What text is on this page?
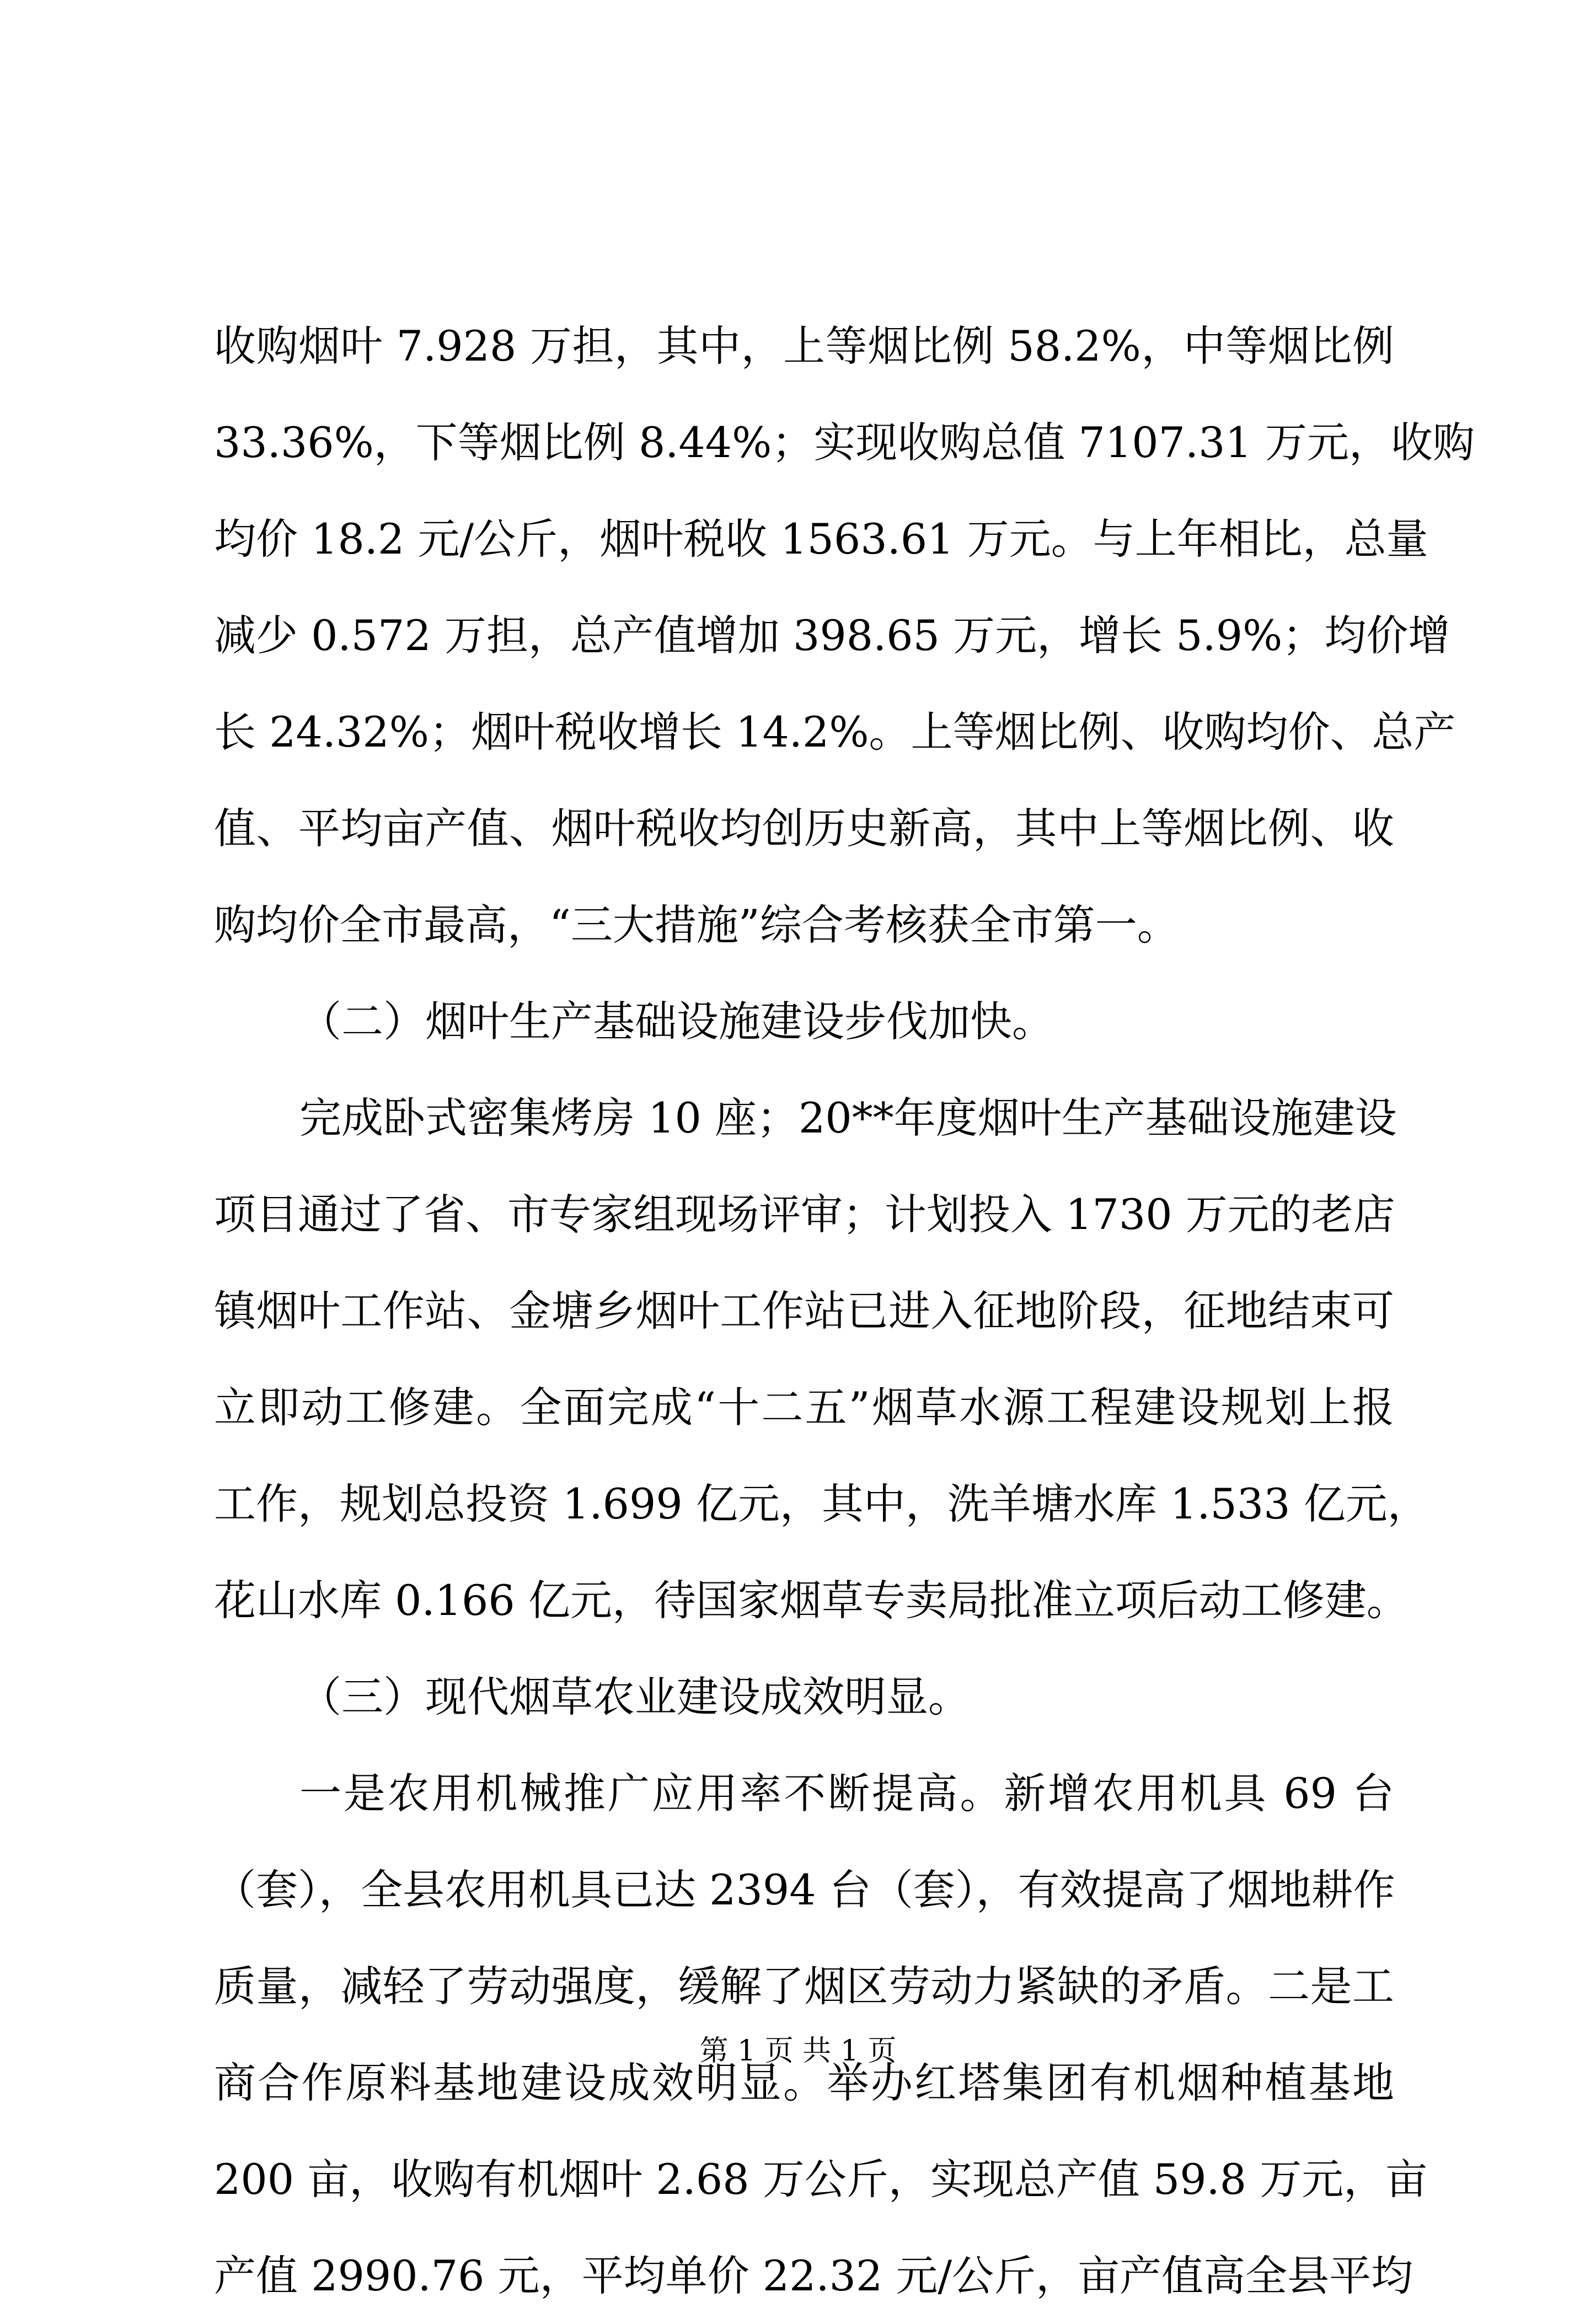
收购烟叶 7.928 万担，其中，上等烟比例 58.2%，中等烟比例
33.36%，下等烟比例 8.44%；实现收购总值 7107.31 万元，收购
均价 18.2 元/公斤，烟叶税收 1563.61 万元。与上年相比，总量
减少 0.572 万担，总产值增加 398.65 万元，增长 5.9%；均价增
长 24.32%；烟叶税收增长 14.2%。上等烟比例、收购均价、总产
值、平均亩产值、烟叶税收均创历史新高，其中上等烟比例、收
购均价全市最高，“三大措施”综合考核获全市第一。
（二）烟叶生产基础设施建设步伐加快。
完成卧式密集烤房 10 座；20**年度烟叶生产基础设施建设
项目通过了省、市专家组现场评审；计划投入 1730 万元的老店
镇烟叶工作站、金塘乡烟叶工作站已进入征地阶段，征地结束可
立即动工修建。全面完成“十二五”烟草水源工程建设规划上报
工作，规划总投资 1.699 亿元，其中，洗羊塘水库 1.533 亿元，
花山水库 0.166 亿元，待国家烟草专卖局批准立项后动工修建。
（三）现代烟草农业建设成效明显。
一是农用机械推广应用率不断提高。新增农用机具 69 台
（套），全县农用机具已达 2394 台（套），有效提高了烟地耕作
质量，减轻了劳动强度，缓解了烟区劳动力紧缺的矛盾。二是工
商合作原料基地建设成效明显。举办红塔集团有机烟种植基地
200 亩，收购有机烟叶 2.68 万公斤，实现总产值 59.8 万元，亩
产值 2990.76 元，平均单价 22.32 元/公斤，亩产值高全县平均
第 1 页 共 1 页
